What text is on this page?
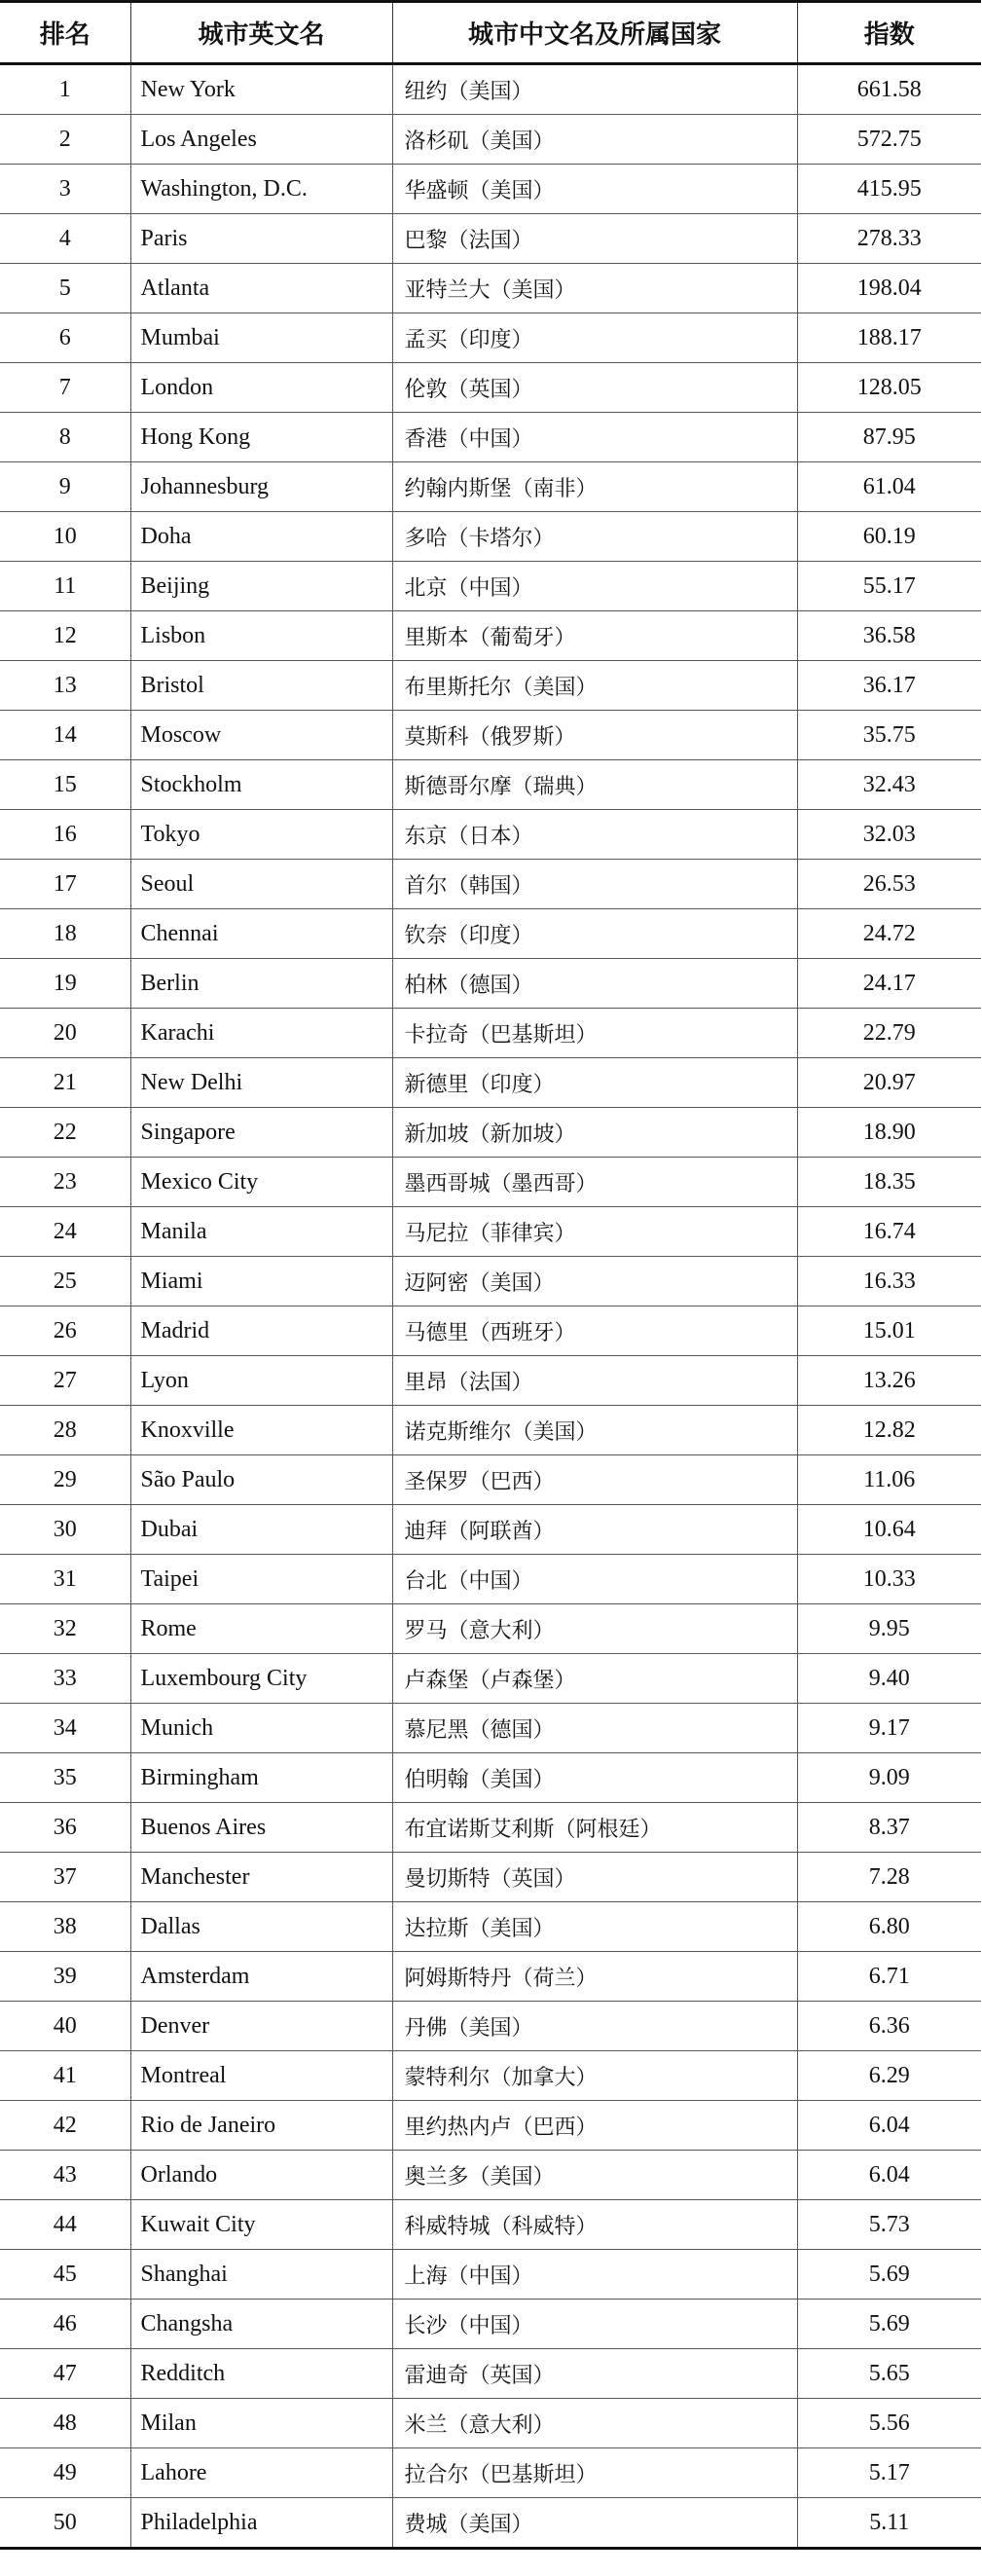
排名	城市英文名	城市中文名及所属国家	指数
1	New York	纽约（美国）	661.58
2	Los Angeles	洛杉矶（美国）	572.75
3	Washington, D.C.	华盛顿（美国）	415.95
4	Paris	巴黎（法国）	278.33
5	Atlanta	亚特兰大（美国）	198.04
6	Mumbai	孟买（印度）	188.17
7	London	伦敦（英国）	128.05
8	Hong Kong	香港（中国）	87.95
9	Johannesburg	约翰内斯堡（南非）	61.04
10	Doha	多哈（卡塔尔）	60.19
11	Beijing	北京（中国）	55.17
12	Lisbon	里斯本（葡萄牙）	36.58
13	Bristol	布里斯托尔（美国）	36.17
14	Moscow	莫斯科（俄罗斯）	35.75
15	Stockholm	斯德哥尔摩（瑞典）	32.43
16	Tokyo	东京（日本）	32.03
17	Seoul	首尔（韩国）	26.53
18	Chennai	钦奈（印度）	24.72
19	Berlin	柏林（德国）	24.17
20	Karachi	卡拉奇（巴基斯坦）	22.79
21	New Delhi	新德里（印度）	20.97
22	Singapore	新加坡（新加坡）	18.90
23	Mexico City	墨西哥城（墨西哥）	18.35
24	Manila	马尼拉（菲律宾）	16.74
25	Miami	迈阿密（美国）	16.33
26	Madrid	马德里（西班牙）	15.01
27	Lyon	里昂（法国）	13.26
28	Knoxville	诺克斯维尔（美国）	12.82
29	São Paulo	圣保罗（巴西）	11.06
30	Dubai	迪拜（阿联酋）	10.64
31	Taipei	台北（中国）	10.33
32	Rome	罗马（意大利）	9.95
33	Luxembourg City	卢森堡（卢森堡）	9.40
34	Munich	慕尼黑（德国）	9.17
35	Birmingham	伯明翰（美国）	9.09
36	Buenos Aires	布宜诺斯艾利斯（阿根廷）	8.37
37	Manchester	曼切斯特（英国）	7.28
38	Dallas	达拉斯（美国）	6.80
39	Amsterdam	阿姆斯特丹（荷兰）	6.71
40	Denver	丹佛（美国）	6.36
41	Montreal	蒙特利尔（加拿大）	6.29
42	Rio de Janeiro	里约热内卢（巴西）	6.04
43	Orlando	奥兰多（美国）	6.04
44	Kuwait City	科威特城（科威特）	5.73
45	Shanghai	上海（中国）	5.69
46	Changsha	长沙（中国）	5.69
47	Redditch	雷迪奇（英国）	5.65
48	Milan	米兰（意大利）	5.56
49	Lahore	拉合尔（巴基斯坦）	5.17
50	Philadelphia	费城（美国）	5.11
